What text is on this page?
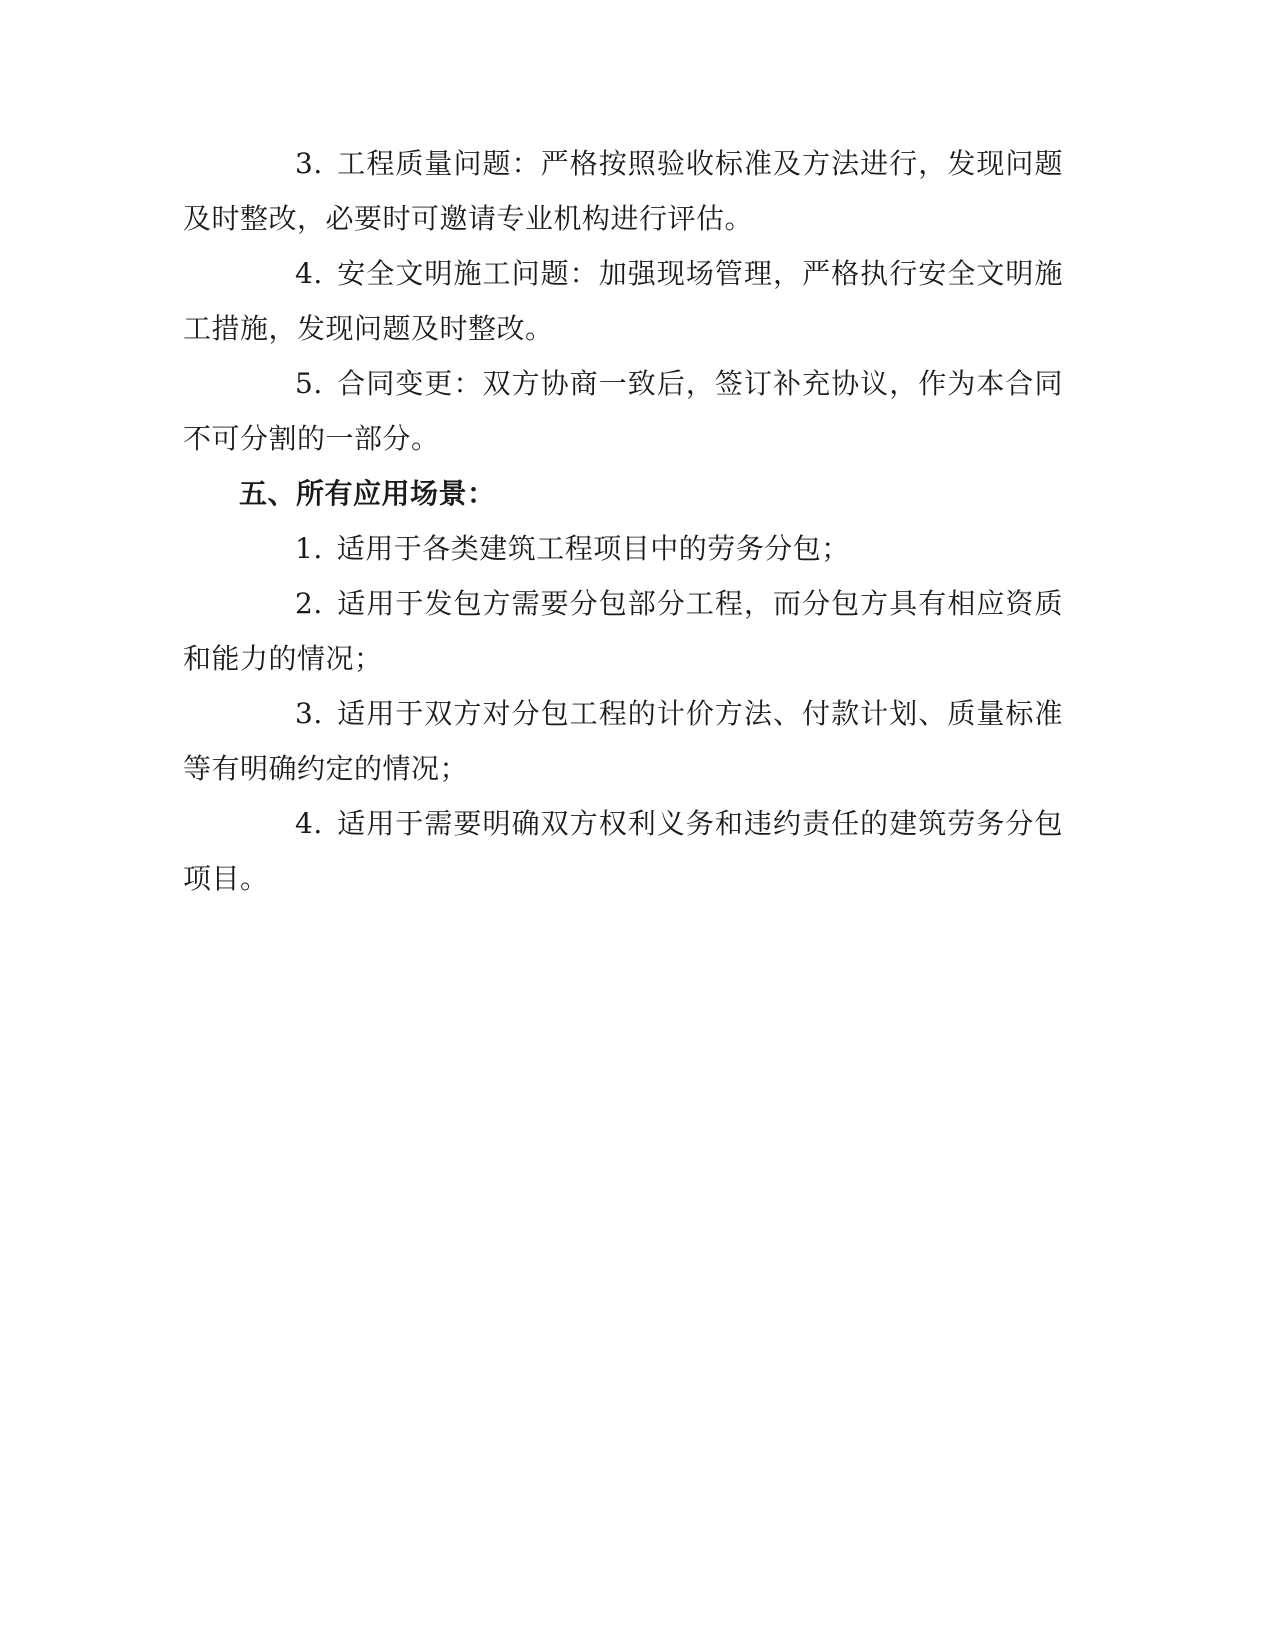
3. 工程质量问题：严格按照验收标准及方法进行，发现问题及时整改，必要时可邀请专业机构进行评估。

4. 安全文明施工问题：加强现场管理，严格执行安全文明施工措施，发现问题及时整改。

5. 合同变更：双方协商一致后，签订补充协议，作为本合同不可分割的一部分。

五、所有应用场景：

1. 适用于各类建筑工程项目中的劳务分包；

2. 适用于发包方需要分包部分工程，而分包方具有相应资质和能力的情况；

3. 适用于双方对分包工程的计价方法、付款计划、质量标准等有明确约定的情况；

4. 适用于需要明确双方权利义务和违约责任的建筑劳务分包项目。
